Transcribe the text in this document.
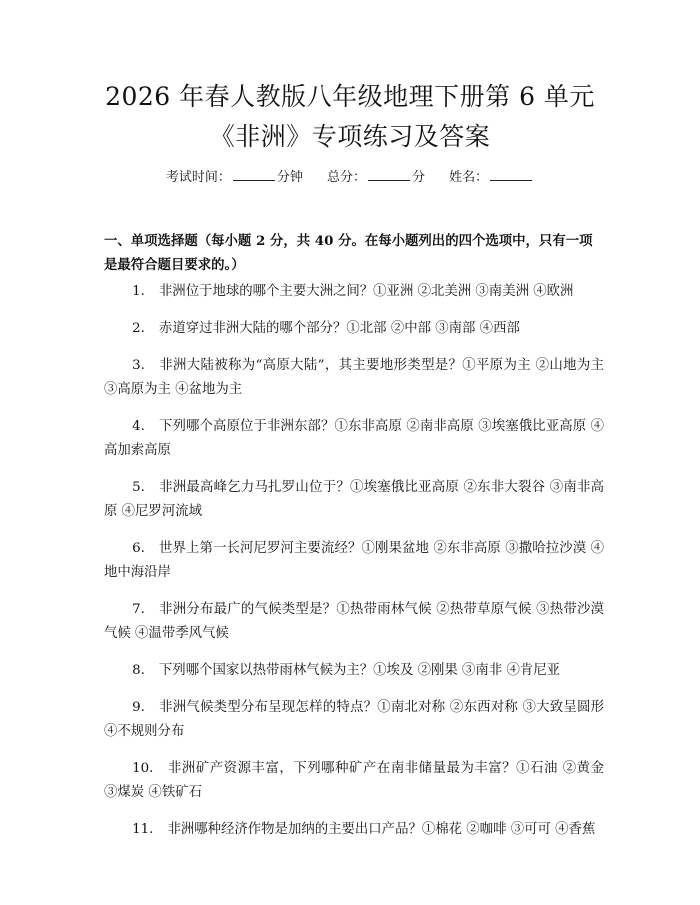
2026 年春人教版八年级地理下册第 6 单元
《非洲》专项练习及答案
考试时间：	分钟 总分：	分 姓名：
一、单项选择题（每小题 2 分，共 40 分。在每小题列出的四个选项中，只有一项是最符合题目要求的。）
1 . 非洲位于地球的哪个主要大洲之间？①亚洲 ②北美洲 ③南美洲 ④欧洲
2 . 赤道穿过非洲大陆的哪个部分？①北部 ②中部 ③南部 ④西部
3 . 非洲大陆被称为“高原大陆”，其主要地形类型是？①平原为主 ②山地为主 ③高原为主 ④盆地为主
4 . 下列哪个高原位于非洲东部？①东非高原 ②南非高原 ③埃塞俄比亚高原 ④高加索高原
5 . 非洲最高峰乞力马扎罗山位于？①埃塞俄比亚高原 ②东非大裂谷 ③南非高原 ④尼罗河流域
6 . 世界上第一长河尼罗河主要流经？①刚果盆地 ②东非高原 ③撒哈拉沙漠 ④地中海沿岸
7 . 非洲分布最广的气候类型是？①热带雨林气候 ②热带草原气候 ③热带沙漠气候 ④温带季风气候
8 . 下列哪个国家以热带雨林气候为主？①埃及 ②刚果 ③南非 ④肯尼亚
9 . 非洲气候类型分布呈现怎样的特点？①南北对称 ②东西对称 ③大致呈圆形 ④不规则分布
10 . 非洲矿产资源丰富，下列哪种矿产在南非储量最为丰富？①石油 ②黄金 ③煤炭 ④铁矿石
11 . 非洲哪种经济作物是加纳的主要出口产品？①棉花 ②咖啡 ③可可 ④香蕉
